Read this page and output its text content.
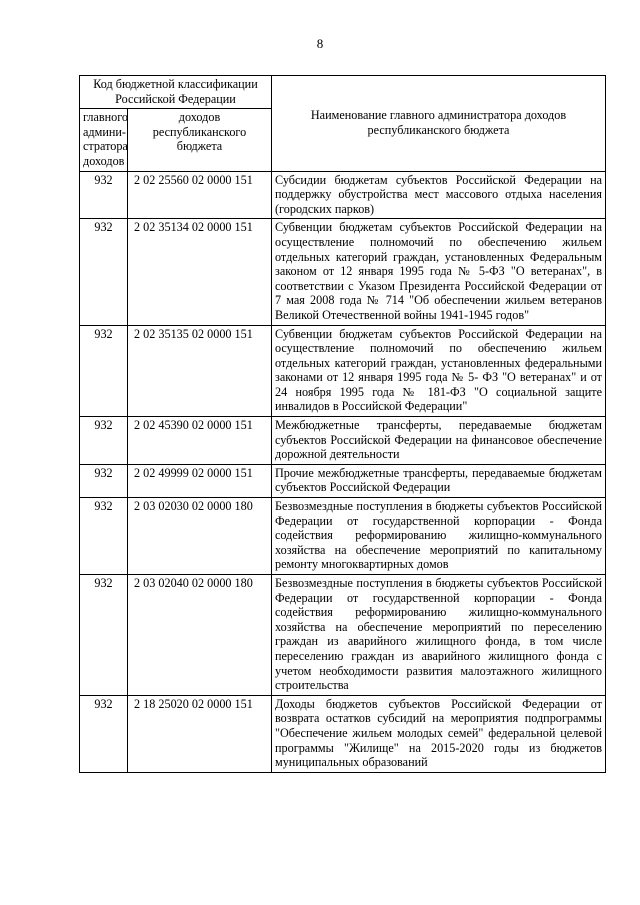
8
Код бюджетной классификации Российской Федерации		Наименование главного администратора доходов республиканского бюджета
главного админи-стратора доходов	доходов республиканского бюджета	
932	2 02 25560 02 0000 151	Субсидии бюджетам субъектов Российской Федерации на поддержку обустройства мест массового отдыха населения (городских парков)
932	2 02 35134 02 0000 151	Субвенции бюджетам субъектов Российской Федерации на осуществление полномочий по обеспечению жильем отдельных категорий граждан, установленных Федеральным законом от 12 января 1995 года № 5-ФЗ "О ветеранах", в соответствии с Указом Президента Российской Федерации от 7 мая 2008 года № 714 "Об обеспечении жильем ветеранов Великой Отечественной войны 1941-1945 годов"
932	2 02 35135 02 0000 151	Субвенции бюджетам субъектов Российской Федерации на осуществление полномочий по обеспечению жильем отдельных категорий граждан, установленных федеральными законами от 12 января 1995 года № 5- ФЗ "О ветеранах" и от 24 ноября 1995 года № 181-ФЗ "О социальной защите инвалидов в Российской Федерации"
932	2 02 45390 02 0000 151	Межбюджетные трансферты, передаваемые бюджетам субъектов Российской Федерации на финансовое обеспечение дорожной деятельности
932	2 02 49999 02 0000 151	Прочие межбюджетные трансферты, передаваемые бюджетам субъектов Российской Федерации
932	2 03 02030 02 0000 180	Безвозмездные поступления в бюджеты субъектов Российской Федерации от государственной корпорации - Фонда содействия реформированию жилищно-коммунального хозяйства на обеспечение мероприятий по капитальному ремонту многоквартирных домов
932	2 03 02040 02 0000 180	Безвозмездные поступления в бюджеты субъектов Российской Федерации от государственной корпорации - Фонда содействия реформированию жилищно-коммунального хозяйства на обеспечение мероприятий по переселению граждан из аварийного жилищного фонда, в том числе переселению граждан из аварийного жилищного фонда с учетом необходимости развития малоэтажного жилищного строительства
932	2 18 25020 02 0000 151	Доходы бюджетов субъектов Российской Федерации от возврата остатков субсидий на мероприятия подпрограммы "Обеспечение жильем молодых семей" федеральной целевой программы "Жилище" на 2015-2020 годы из бюджетов муниципальных образований
